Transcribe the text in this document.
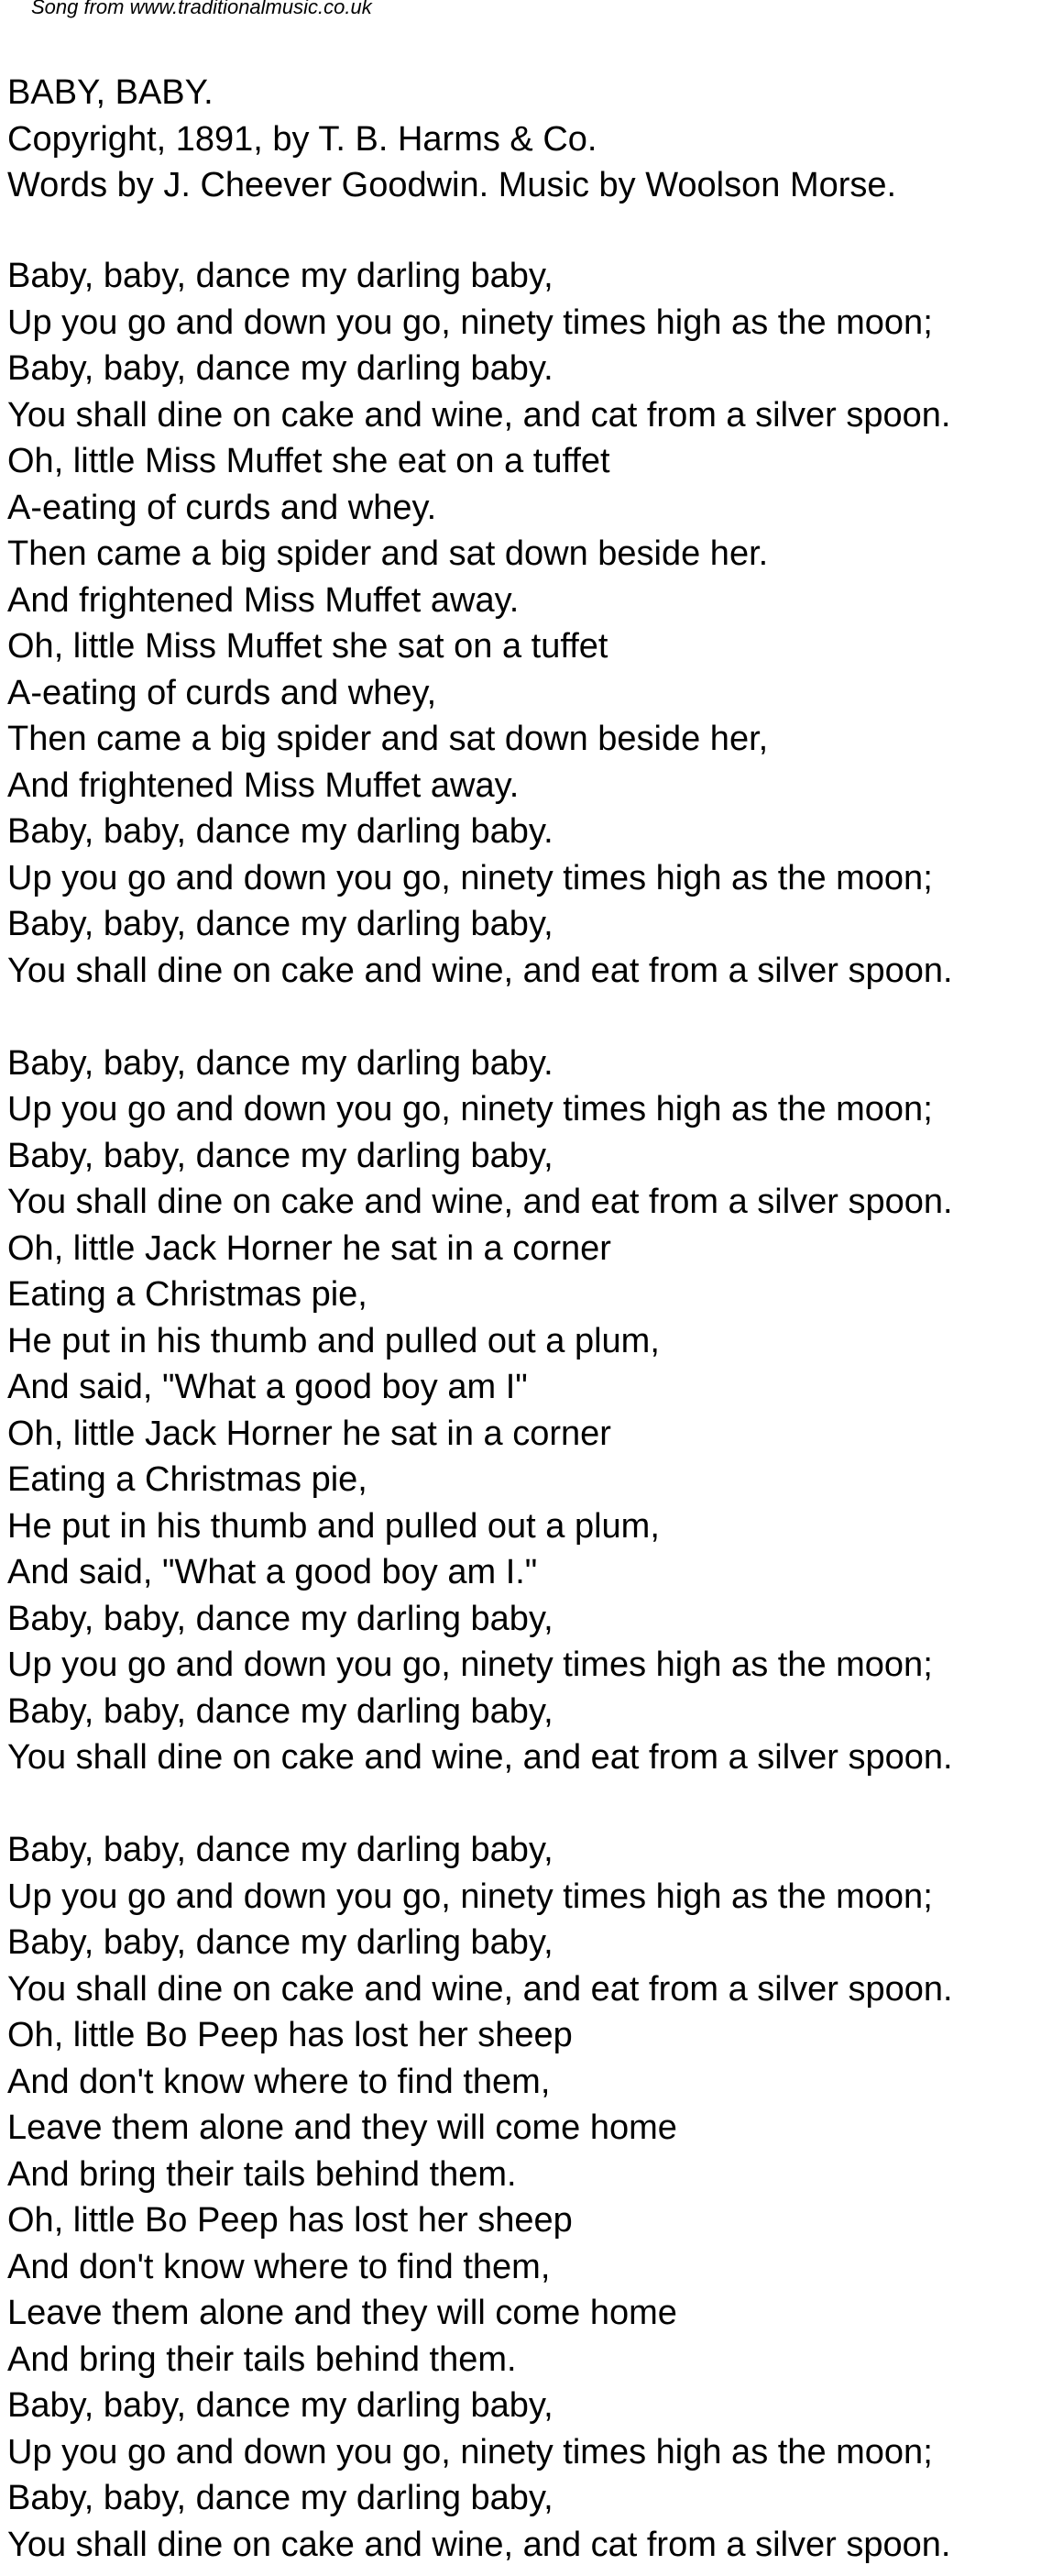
Song from www.traditionalmusic.co.uk
BABY, BABY.
Copyright, 1891, by T. B. Harms & Co.
Words by J. Cheever Goodwin. Music by Woolson Morse.
Baby, baby, dance my darling baby,
Up you go and down you go, ninety times high as the moon;
Baby, baby, dance my darling baby.
You shall dine on cake and wine, and cat from a silver spoon.
Oh, little Miss Muffet she eat on a tuffet
A-eating of curds and whey.
Then came a big spider and sat down beside her.
And frightened Miss Muffet away.
Oh, little Miss Muffet she sat on a tuffet
A-eating of curds and whey,
Then came a big spider and sat down beside her,
And frightened Miss Muffet away.
Baby, baby, dance my darling baby.
Up you go and down you go, ninety times high as the moon;
Baby, baby, dance my darling baby,
You shall dine on cake and wine, and eat from a silver spoon.
Baby, baby, dance my darling baby.
Up you go and down you go, ninety times high as the moon;
Baby, baby, dance my darling baby,
You shall dine on cake and wine, and eat from a silver spoon.
Oh, little Jack Horner he sat in a corner
Eating a Christmas pie,
He put in his thumb and pulled out a plum,
And said, "What a good boy am I"
Oh, little Jack Horner he sat in a corner
Eating a Christmas pie,
He put in his thumb and pulled out a plum,
And said, "What a good boy am I."
Baby, baby, dance my darling baby,
Up you go and down you go, ninety times high as the moon;
Baby, baby, dance my darling baby,
You shall dine on cake and wine, and eat from a silver spoon.
Baby, baby, dance my darling baby,
Up you go and down you go, ninety times high as the moon;
Baby, baby, dance my darling baby,
You shall dine on cake and wine, and eat from a silver spoon.
Oh, little Bo Peep has lost her sheep
And don't know where to find them,
Leave them alone and they will come home
And bring their tails behind them.
Oh, little Bo Peep has lost her sheep
And don't know where to find them,
Leave them alone and they will come home
And bring their tails behind them.
Baby, baby, dance my darling baby,
Up you go and down you go, ninety times high as the moon;
Baby, baby, dance my darling baby,
You shall dine on cake and wine, and cat from a silver spoon.
